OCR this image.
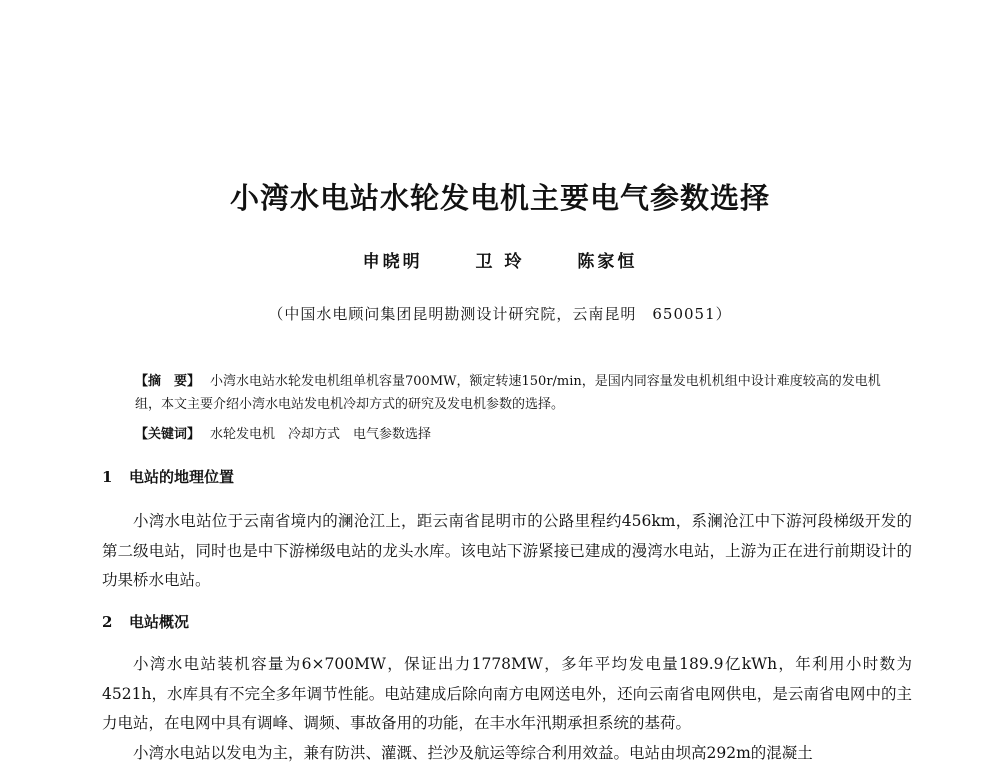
小湾水电站水轮发电机主要电气参数选择
申晓明	卫 玲	陈家恒
（中国水电顾问集团昆明勘测设计研究院，云南昆明　650051）
【摘　要】 小湾水电站水轮发电机组单机容量700MW，额定转速150r/min，是国内同容量发电机机组中设计难度较高的发电机组，本文主要介绍小湾水电站发电机冷却方式的研究及发电机参数的选择。
【关键词】 水轮发电机　冷却方式　电气参数选择
1 电站的地理位置
小湾水电站位于云南省境内的澜沧江上，距云南省昆明市的公路里程约456km，系澜沧江中下游河段梯级开发的第二级电站，同时也是中下游梯级电站的龙头水库。该电站下游紧接已建成的漫湾水电站，上游为正在进行前期设计的功果桥水电站。
2 电站概况
小湾水电站装机容量为6×700MW，保证出力1778MW，多年平均发电量189.9亿kWh，年利用小时数为4521h，水库具有不完全多年调节性能。电站建成后除向南方电网送电外，还向云南省电网供电，是云南省电网中的主力电站，在电网中具有调峰、调频、事故备用的功能，在丰水年汛期承担系统的基荷。
小湾水电站以发电为主，兼有防洪、灌溉、拦沙及航运等综合利用效益。电站由坝高292m的混凝土
